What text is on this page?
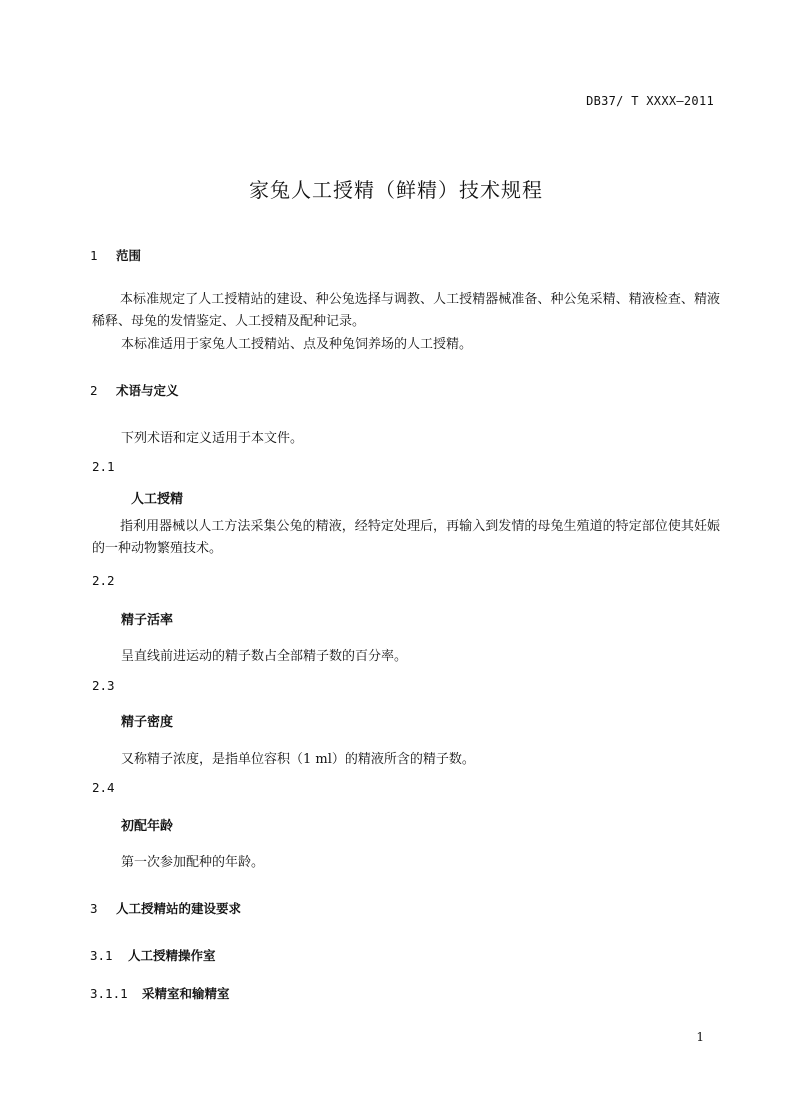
DB37/ T XXXX—2011
家兔人工授精（鲜精）技术规程
1 范围
本标准规定了人工授精站的建设、种公兔选择与调教、人工授精器械准备、种公兔采精、精液检查、精液稀释、母兔的发情鉴定、人工授精及配种记录。
本标准适用于家兔人工授精站、点及种兔饲养场的人工授精。
2 术语与定义
下列术语和定义适用于本文件。
2.1
人工授精
指利用器械以人工方法采集公兔的精液，经特定处理后，再输入到发情的母兔生殖道的特定部位使其妊娠的一种动物繁殖技术。
2.2
精子活率
呈直线前进运动的精子数占全部精子数的百分率。
2.3
精子密度
又称精子浓度，是指单位容积（1 ml）的精液所含的精子数。
2.4
初配年龄
第一次参加配种的年龄。
3 人工授精站的建设要求
3.1 人工授精操作室
3.1.1 采精室和输精室
1
